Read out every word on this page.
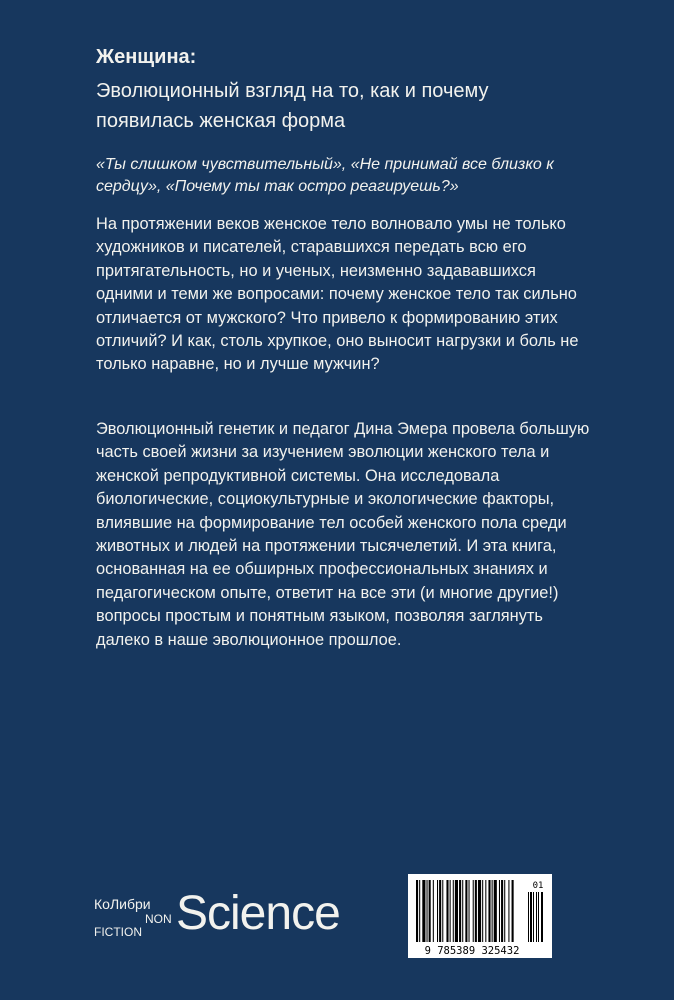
Женщина:

Эволюционный взгляд на то, как и почему
появилась женская форма

«Ты слишком чувствительный», «Не принимай все близко к сердцу», «Почему ты так остро реагируешь?»

На протяжении веков женское тело волновало умы не только художников и писателей, старавшихся передать всю его притягательность, но и ученых, неизменно задававшихся одними и теми же вопросами: почему женское тело так сильно отличается от мужского? Что привело к формированию этих отличий? И как, столь хрупкое, оно выносит нагрузки и боль не только наравне, но и лучше мужчин?

Эволюционный генетик и педагог Дина Эмера провела большую часть своей жизни за изучением эволюции женского тела и женской репродуктивной системы. Она исследовала биологические, социокультурные и экологические факторы, влиявшие на формирование тел особей женского пола среди животных и людей на протяжении тысячелетий. И эта книга, основанная на ее обширных профессиональных знаниях и педагогическом опыте, ответит на все эти (и многие другие!) вопросы простым и понятным языком, позволяя заглянуть далеко в наше эволюционное прошлое.

КоЛибри
NON
FICTION Science
01
9 785389 325432
